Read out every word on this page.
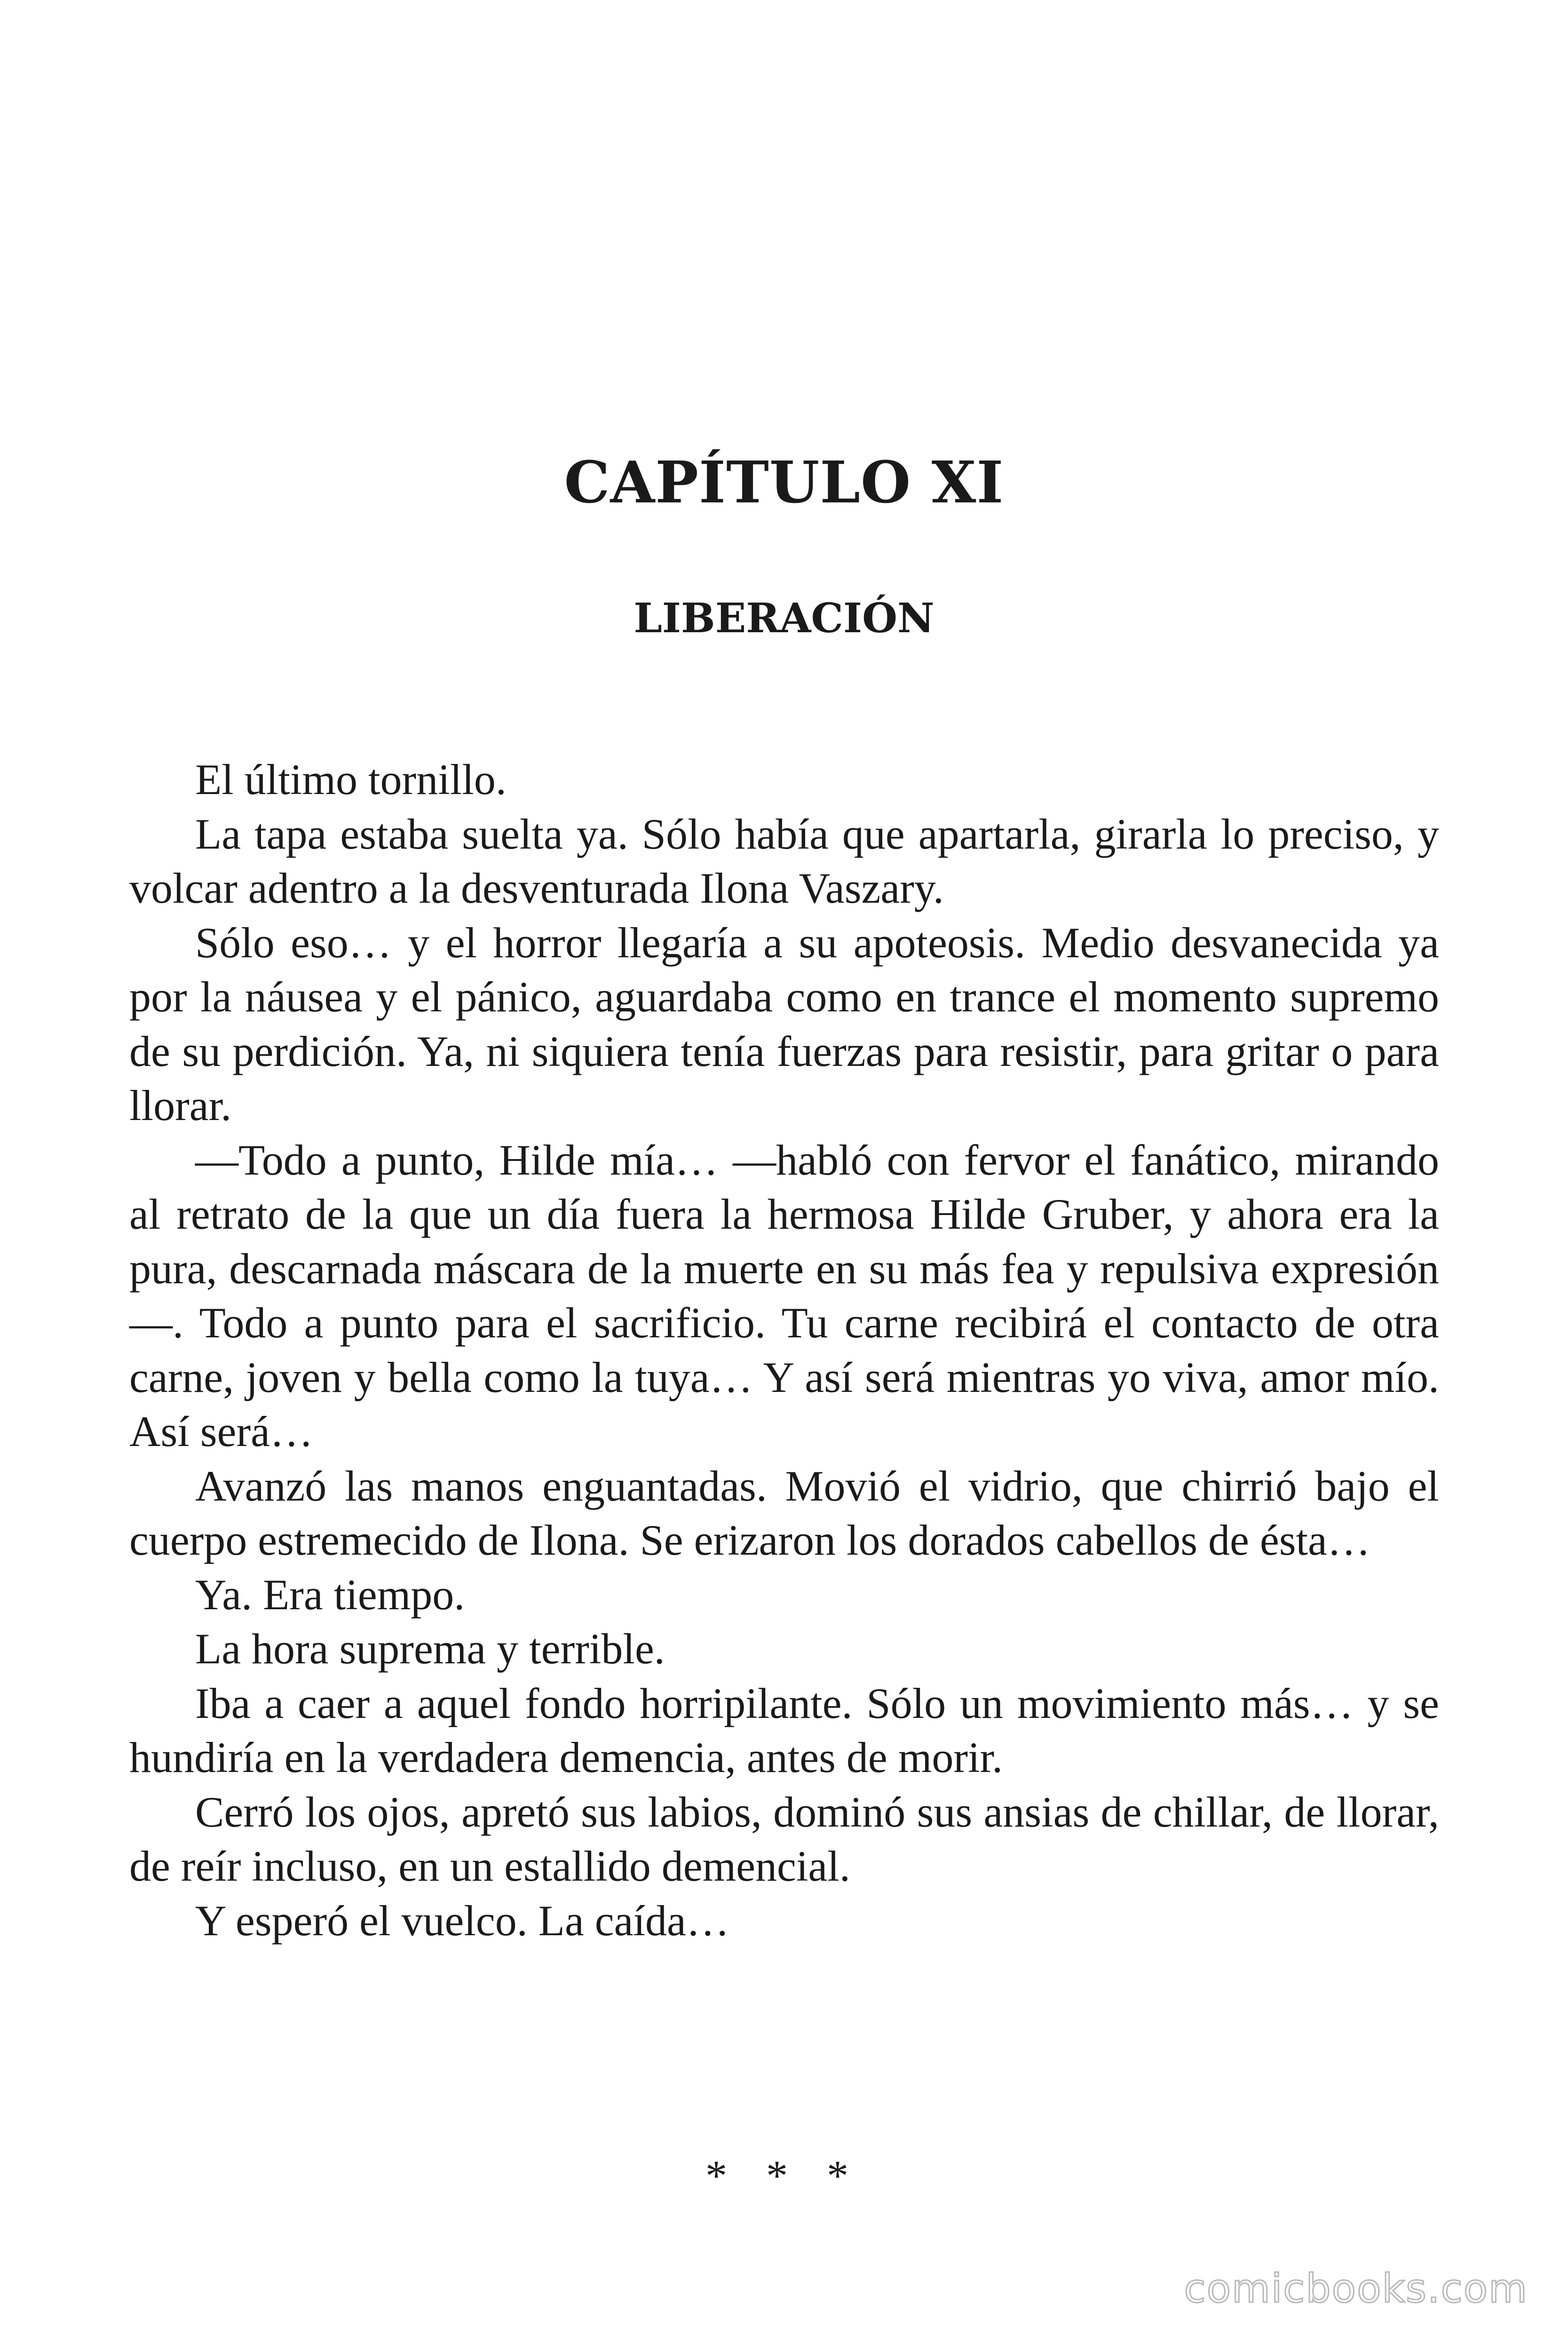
CAPÍTULO XI
LIBERACIÓN

El último tornillo.

La tapa estaba suelta ya. Sólo había que apartarla, girarla lo preciso, y volcar adentro a la desventurada Ilona Vaszary.

Sólo eso… y el horror llegaría a su apoteosis. Medio desvanecida ya por la náusea y el pánico, aguardaba como en trance el momento supremo de su perdición. Ya, ni siquiera tenía fuerzas para resistir, para gritar o para llorar.

—Todo a punto, Hilde mía… —habló con fervor el fanático, mirando al retrato de la que un día fuera la hermosa Hilde Gruber, y ahora era la pura, descarnada máscara de la muerte en su más fea y repulsiva expresión—. Todo a punto para el sacrificio. Tu carne recibirá el contacto de otra carne, joven y bella como la tuya… Y así será mientras yo viva, amor mío. Así será…

Avanzó las manos enguantadas. Movió el vidrio, que chirrió bajo el cuerpo estremecido de Ilona. Se erizaron los dorados cabellos de ésta…

Ya. Era tiempo.

La hora suprema y terrible.

Iba a caer a aquel fondo horripilante. Sólo un movimiento más… y se hundiría en la verdadera demencia, antes de morir.

Cerró los ojos, apretó sus labios, dominó sus ansias de chillar, de llorar, de reír incluso, en un estallido demencial.

Y esperó el vuelco. La caída…

* * *
comicbooks.com
